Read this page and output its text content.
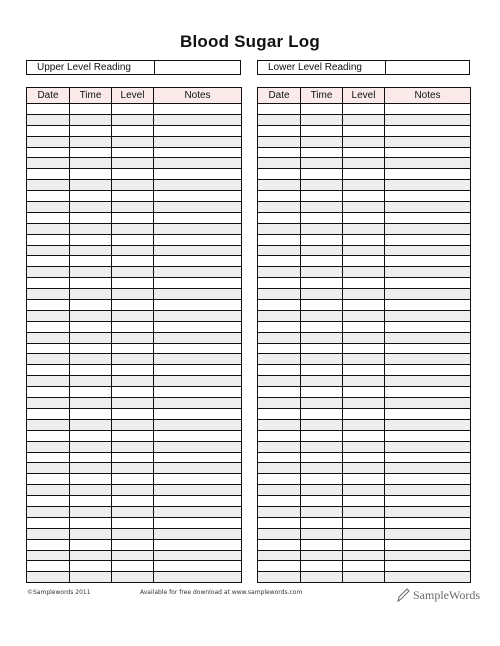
Blood Sugar Log
Upper Level Reading	Lower Level Reading
Date	Time	Level	Notes

				Date	Time	Level	Notes

©Samplewords 2011	Available for free download at www.samplewords.com	SampleWords
